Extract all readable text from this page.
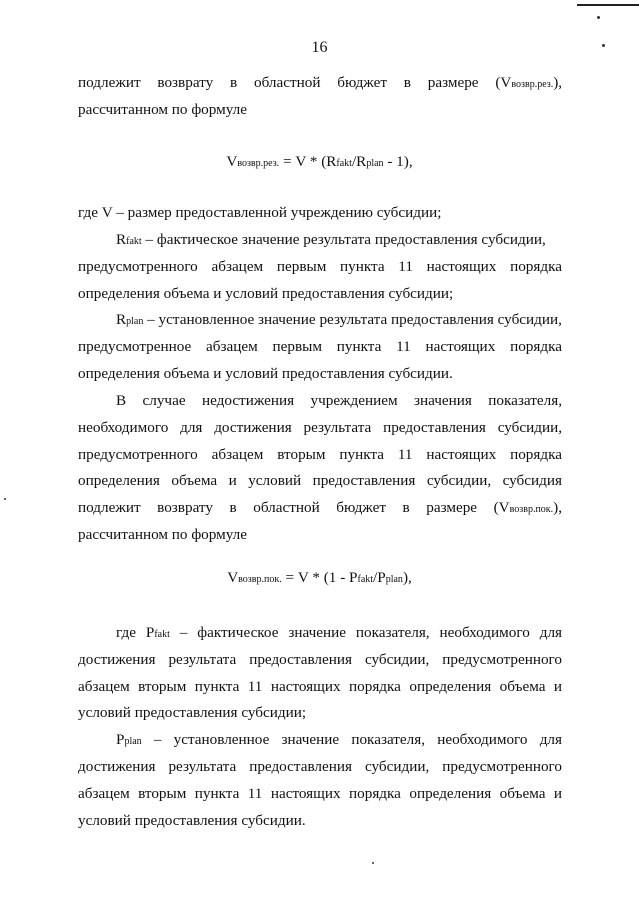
16
подлежит возврату в областной бюджет в размере (Vвозвр.рез.),
рассчитанном по формуле
Vвозвр.рез. = V * (Rfakt/Rplan - 1),
где V – размер предоставленной учреждению субсидии;
Rfakt – фактическое значение результата предоставления субсидии,
предусмотренного абзацем первым пункта 11 настоящих порядка
определения объема и условий предоставления субсидии;
Rplan – установленное значение результата предоставления субсидии,
предусмотренное абзацем первым пункта 11 настоящих порядка
определения объема и условий предоставления субсидии.
В случае недостижения учреждением значения показателя,
необходимого для достижения результата предоставления субсидии,
предусмотренного абзацем вторым пункта 11 настоящих порядка
определения объема и условий предоставления субсидии, субсидия
подлежит возврату в областной бюджет в размере (Vвозвр.пок.),
рассчитанном по формуле
Vвозвр.пок. = V * (1 - Pfakt/Pplan),
где Pfakt – фактическое значение показателя, необходимого для
достижения результата предоставления субсидии, предусмотренного
абзацем вторым пункта 11 настоящих порядка определения объема и
условий предоставления субсидии;
Pplan – установленное значение показателя, необходимого для
достижения результата предоставления субсидии, предусмотренного
абзацем вторым пункта 11 настоящих порядка определения объема и
условий предоставления субсидии.
